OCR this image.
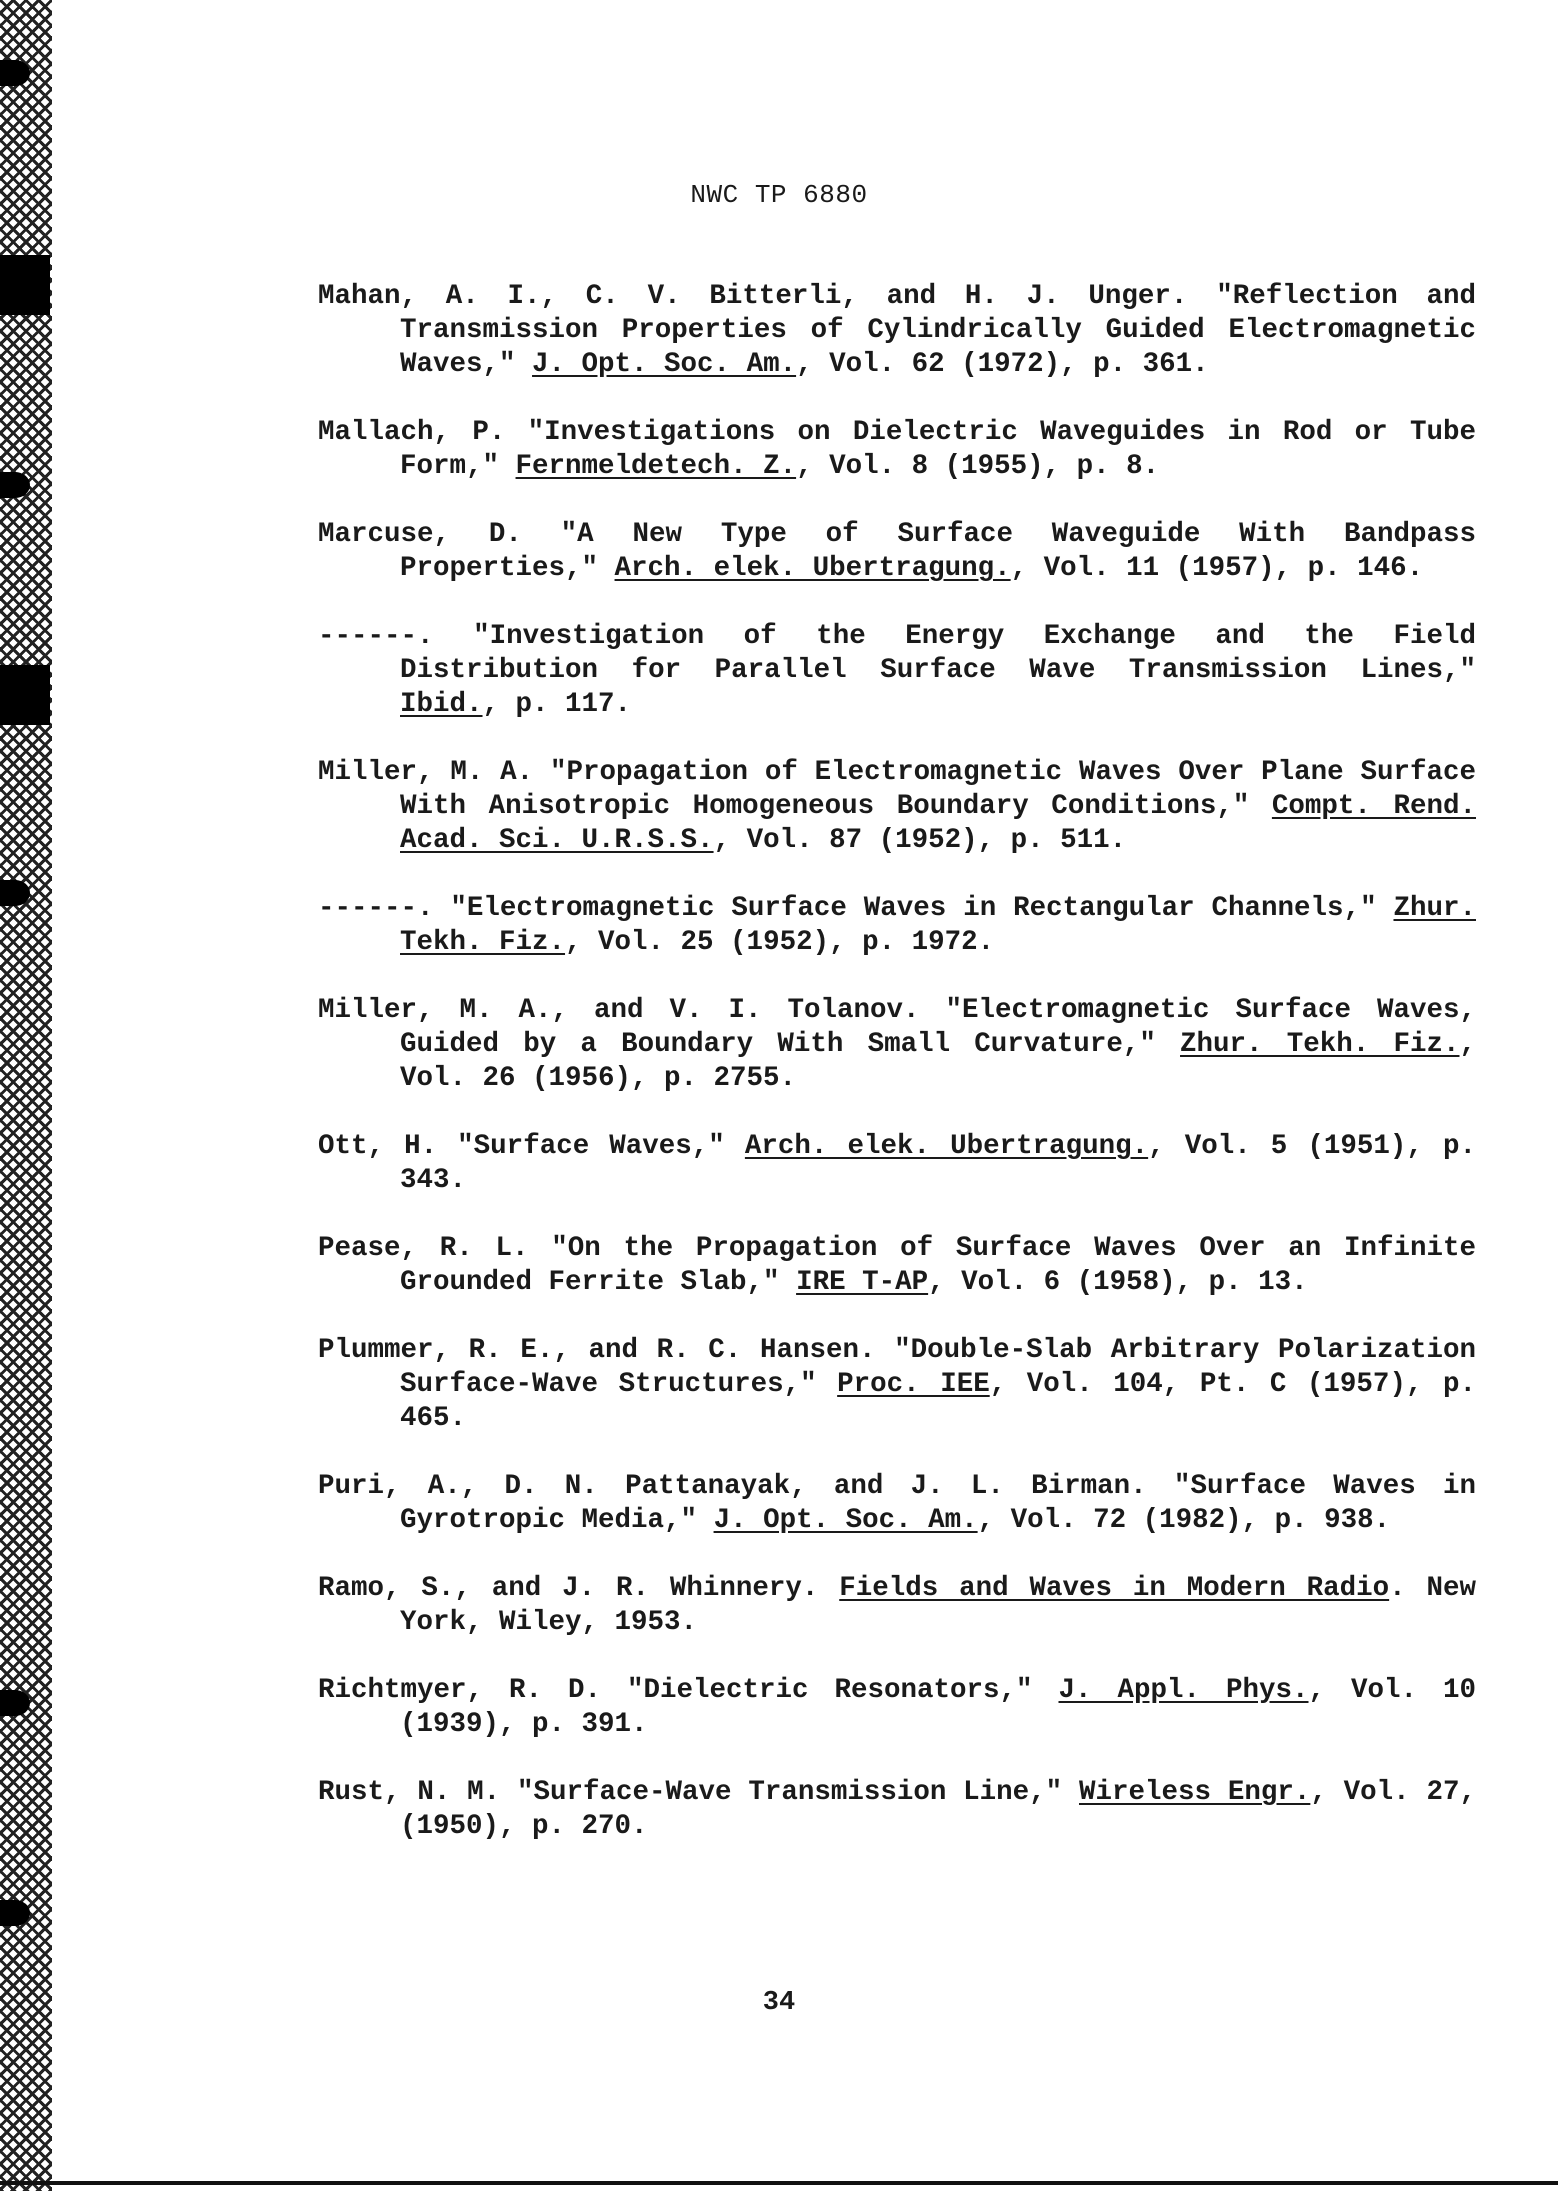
NWC TP 6880

Mahan, A. I., C. V. Bitterli, and H. J. Unger. "Reflection and Transmission Properties of Cylindrically Guided Electromagnetic Waves," J. Opt. Soc. Am., Vol. 62 (1972), p. 361.

Mallach, P. "Investigations on Dielectric Waveguides in Rod or Tube Form," Fernmeldetech. Z., Vol. 8 (1955), p. 8.

Marcuse, D. "A New Type of Surface Waveguide With Bandpass Properties," Arch. elek. Ubertragung., Vol. 11 (1957), p. 146.

------. "Investigation of the Energy Exchange and the Field Distribution for Parallel Surface Wave Transmission Lines," Ibid., p. 117.

Miller, M. A. "Propagation of Electromagnetic Waves Over Plane Surface With Anisotropic Homogeneous Boundary Conditions," Compt. Rend. Acad. Sci. U.R.S.S., Vol. 87 (1952), p. 511.

------. "Electromagnetic Surface Waves in Rectangular Channels," Zhur. Tekh. Fiz., Vol. 25 (1952), p. 1972.

Miller, M. A., and V. I. Tolanov. "Electromagnetic Surface Waves, Guided by a Boundary With Small Curvature," Zhur. Tekh. Fiz., Vol. 26 (1956), p. 2755.

Ott, H. "Surface Waves," Arch. elek. Ubertragung., Vol. 5 (1951), p. 343.

Pease, R. L. "On the Propagation of Surface Waves Over an Infinite Grounded Ferrite Slab," IRE T-AP, Vol. 6 (1958), p. 13.

Plummer, R. E., and R. C. Hansen. "Double-Slab Arbitrary Polarization Surface-Wave Structures," Proc. IEE, Vol. 104, Pt. C (1957), p. 465.

Puri, A., D. N. Pattanayak, and J. L. Birman. "Surface Waves in Gyrotropic Media," J. Opt. Soc. Am., Vol. 72 (1982), p. 938.

Ramo, S., and J. R. Whinnery. Fields and Waves in Modern Radio. New York, Wiley, 1953.

Richtmyer, R. D. "Dielectric Resonators," J. Appl. Phys., Vol. 10 (1939), p. 391.

Rust, N. M. "Surface-Wave Transmission Line," Wireless Engr., Vol. 27, (1950), p. 270.

34
